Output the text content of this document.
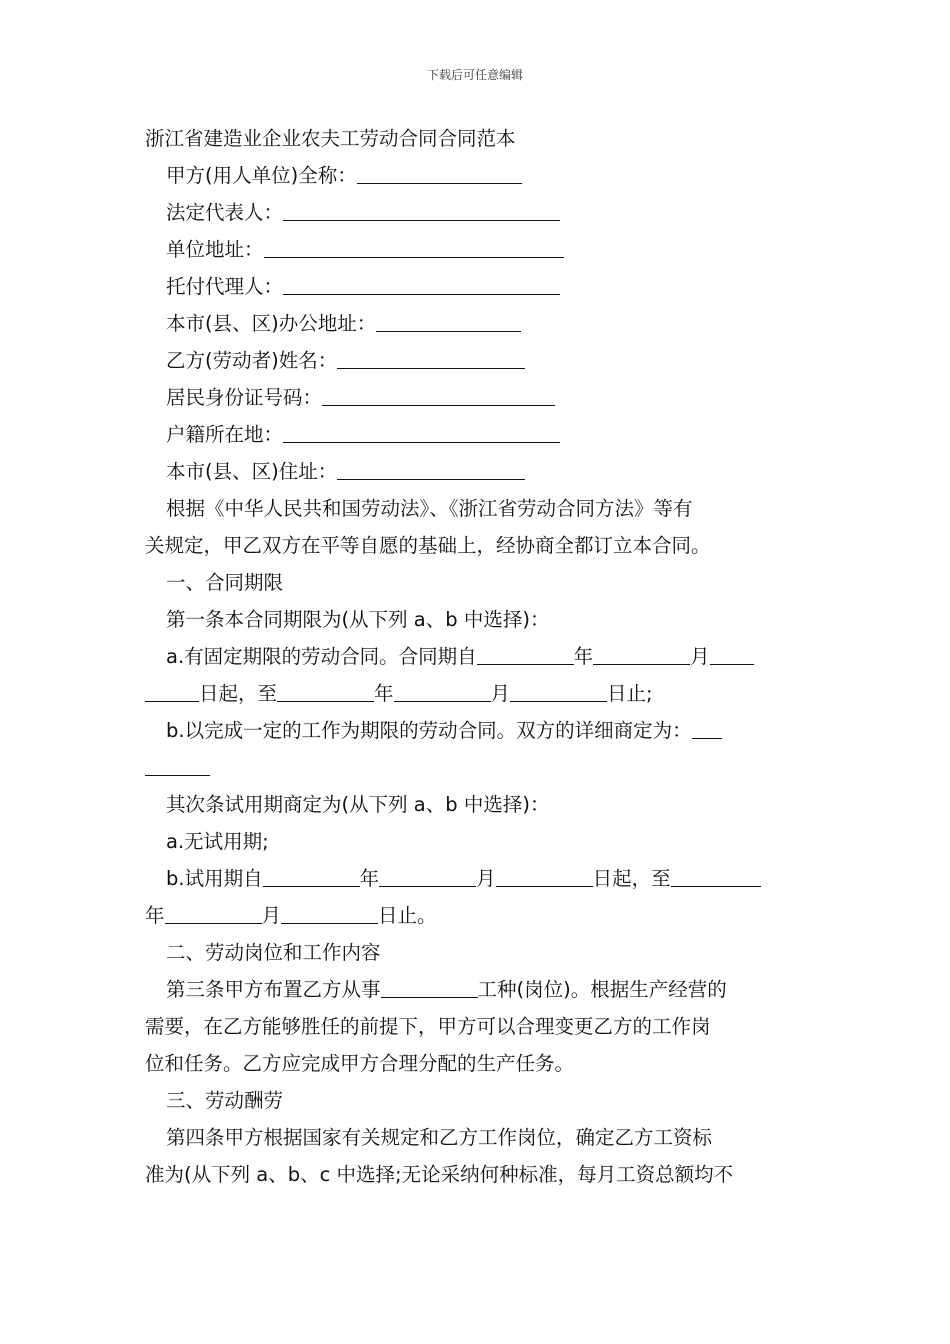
下载后可任意编辑

浙江省建造业企业农夫工劳动合同合同范本

甲方(用人单位)全称：

法定代表人：

单位地址：

托付代理人：

本市(县、区)办公地址：

乙方(劳动者)姓名：

居民身份证号码：

户籍所在地：

本市(县、区)住址：

根据《中华人民共和国劳动法》、《浙江省劳动合同方法》等有

关规定，甲乙双方在平等自愿的基础上，经协商全都订立本合同。

一、合同期限

第一条本合同期限为(从下列 a、b 中选择)：

a.有固定期限的劳动合同。合同期自	年	月

日起，至	年	月	日止;

b.以完成一定的工作为期限的劳动合同。双方的详细商定为：

其次条试用期商定为(从下列 a、b 中选择)：

a.无试用期;

b.试用期自	年	月	日起，至

年	月	日止。

二、劳动岗位和工作内容

第三条甲方布置乙方从事	工种(岗位)。根据生产经营的

需要，在乙方能够胜任的前提下，甲方可以合理变更乙方的工作岗

位和任务。乙方应完成甲方合理分配的生产任务。

三、劳动酬劳

第四条甲方根据国家有关规定和乙方工作岗位，确定乙方工资标

准为(从下列 a、b、c 中选择;无论采纳何种标准，每月工资总额均不
